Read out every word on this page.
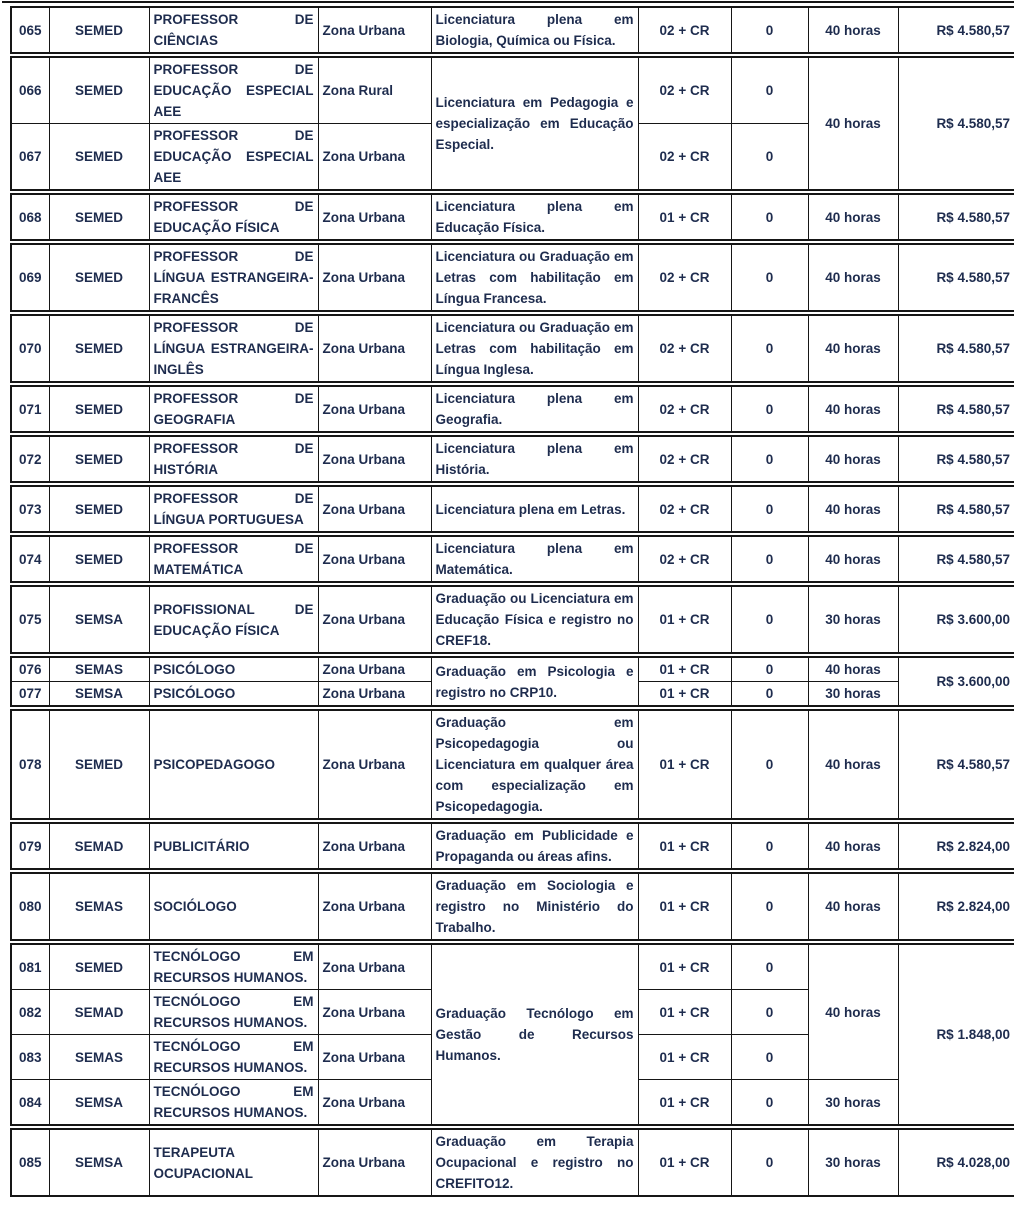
065	SEMED	PROFESSOR DE CIÊNCIAS	Zona Urbana	Licenciatura plena em Biologia, Química ou Física.	02 + CR	0	40 horas	R$ 4.580,57
066	SEMED	PROFESSOR DE EDUCAÇÃO ESPECIAL AEE	Zona Rural	Licenciatura em Pedagogia e especialização em Educação Especial.	02 + CR	0	40 horas	R$ 4.580,57
067	SEMED	PROFESSOR DE EDUCAÇÃO ESPECIAL AEE	Zona Urbana		02 + CR	0		
068	SEMED	PROFESSOR DE EDUCAÇÃO FÍSICA	Zona Urbana	Licenciatura plena em Educação Física.	01 + CR	0	40 horas	R$ 4.580,57
069	SEMED	PROFESSOR DE LÍNGUA ESTRANGEIRA-FRANCÊS	Zona Urbana	Licenciatura ou Graduação em Letras com habilitação em Língua Francesa.	02 + CR	0	40 horas	R$ 4.580,57
070	SEMED	PROFESSOR DE LÍNGUA ESTRANGEIRA-INGLÊS	Zona Urbana	Licenciatura ou Graduação em Letras com habilitação em Língua Inglesa.	02 + CR	0	40 horas	R$ 4.580,57
071	SEMED	PROFESSOR DE GEOGRAFIA	Zona Urbana	Licenciatura plena em Geografia.	02 + CR	0	40 horas	R$ 4.580,57
072	SEMED	PROFESSOR DE HISTÓRIA	Zona Urbana	Licenciatura plena em História.	02 + CR	0	40 horas	R$ 4.580,57
073	SEMED	PROFESSOR DE LÍNGUA PORTUGUESA	Zona Urbana	Licenciatura plena em Letras.	02 + CR	0	40 horas	R$ 4.580,57
074	SEMED	PROFESSOR DE MATEMÁTICA	Zona Urbana	Licenciatura plena em Matemática.	02 + CR	0	40 horas	R$ 4.580,57
075	SEMSA	PROFISSIONAL DE EDUCAÇÃO FÍSICA	Zona Urbana	Graduação ou Licenciatura em Educação Física e registro no CREF18.	01 + CR	0	30 horas	R$ 3.600,00
076	SEMAS	PSICÓLOGO	Zona Urbana	Graduação em Psicologia e registro no CRP10.	01 + CR	0	40 horas	R$ 3.600,00
077	SEMSA	PSICÓLOGO	Zona Urbana		01 + CR	0	30 horas	
078	SEMED	PSICOPEDAGOGO	Zona Urbana	Graduação em Psicopedagogia ou Licenciatura em qualquer área com especialização em Psicopedagogia.	01 + CR	0	40 horas	R$ 4.580,57
079	SEMAD	PUBLICITÁRIO	Zona Urbana	Graduação em Publicidade e Propaganda ou áreas afins.	01 + CR	0	40 horas	R$ 2.824,00
080	SEMAS	SOCIÓLOGO	Zona Urbana	Graduação em Sociologia e registro no Ministério do Trabalho.	01 + CR	0	40 horas	R$ 2.824,00
081	SEMED	TECNÓLOGO EM RECURSOS HUMANOS.	Zona Urbana	Graduação Tecnólogo em Gestão de Recursos Humanos.	01 + CR	0	40 horas	R$ 1.848,00
082	SEMAD	TECNÓLOGO EM RECURSOS HUMANOS.	Zona Urbana		01 + CR	0		
083	SEMAS	TECNÓLOGO EM RECURSOS HUMANOS.	Zona Urbana		01 + CR	0		
084	SEMSA	TECNÓLOGO EM RECURSOS HUMANOS.	Zona Urbana		01 + CR	0	30 horas	
085	SEMSA	TERAPEUTA OCUPACIONAL	Zona Urbana	Graduação em Terapia Ocupacional e registro no CREFITO12.	01 + CR	0	30 horas	R$ 4.028,00
